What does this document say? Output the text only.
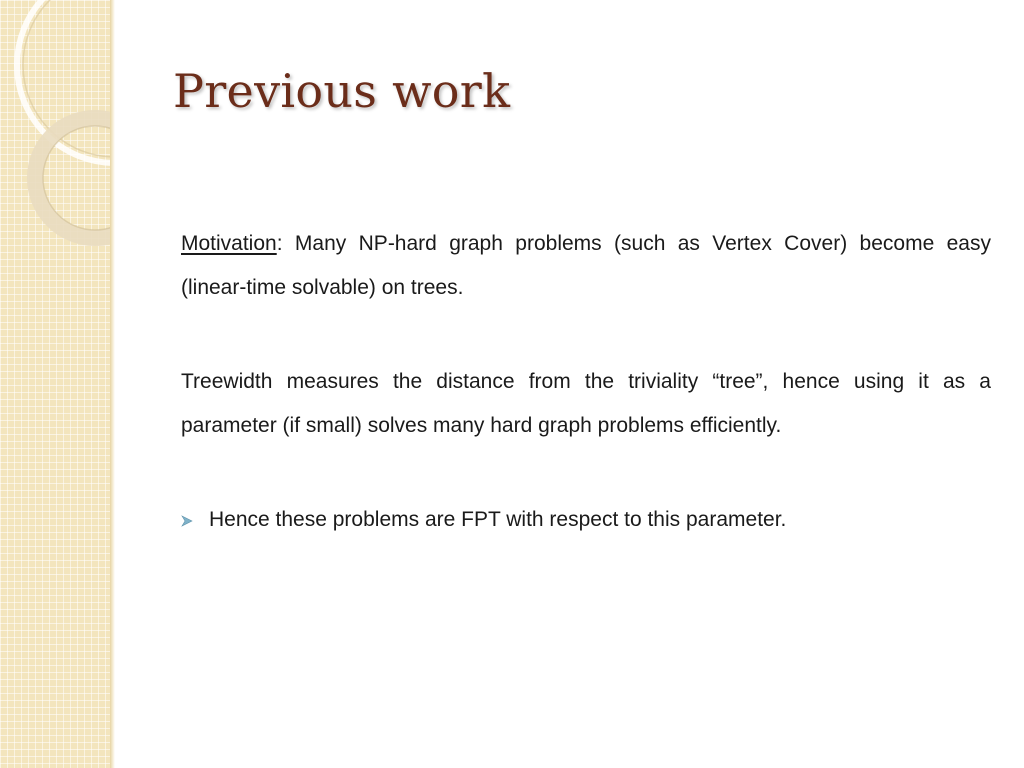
Previous work

Motivation: Many NP-hard graph problems (such as Vertex Cover) become easy (linear-time solvable) on trees.

Treewidth measures the distance from the triviality “tree”, hence using it as a parameter (if small) solves many hard graph problems efficiently.

Hence these problems are FPT with respect to this parameter.
